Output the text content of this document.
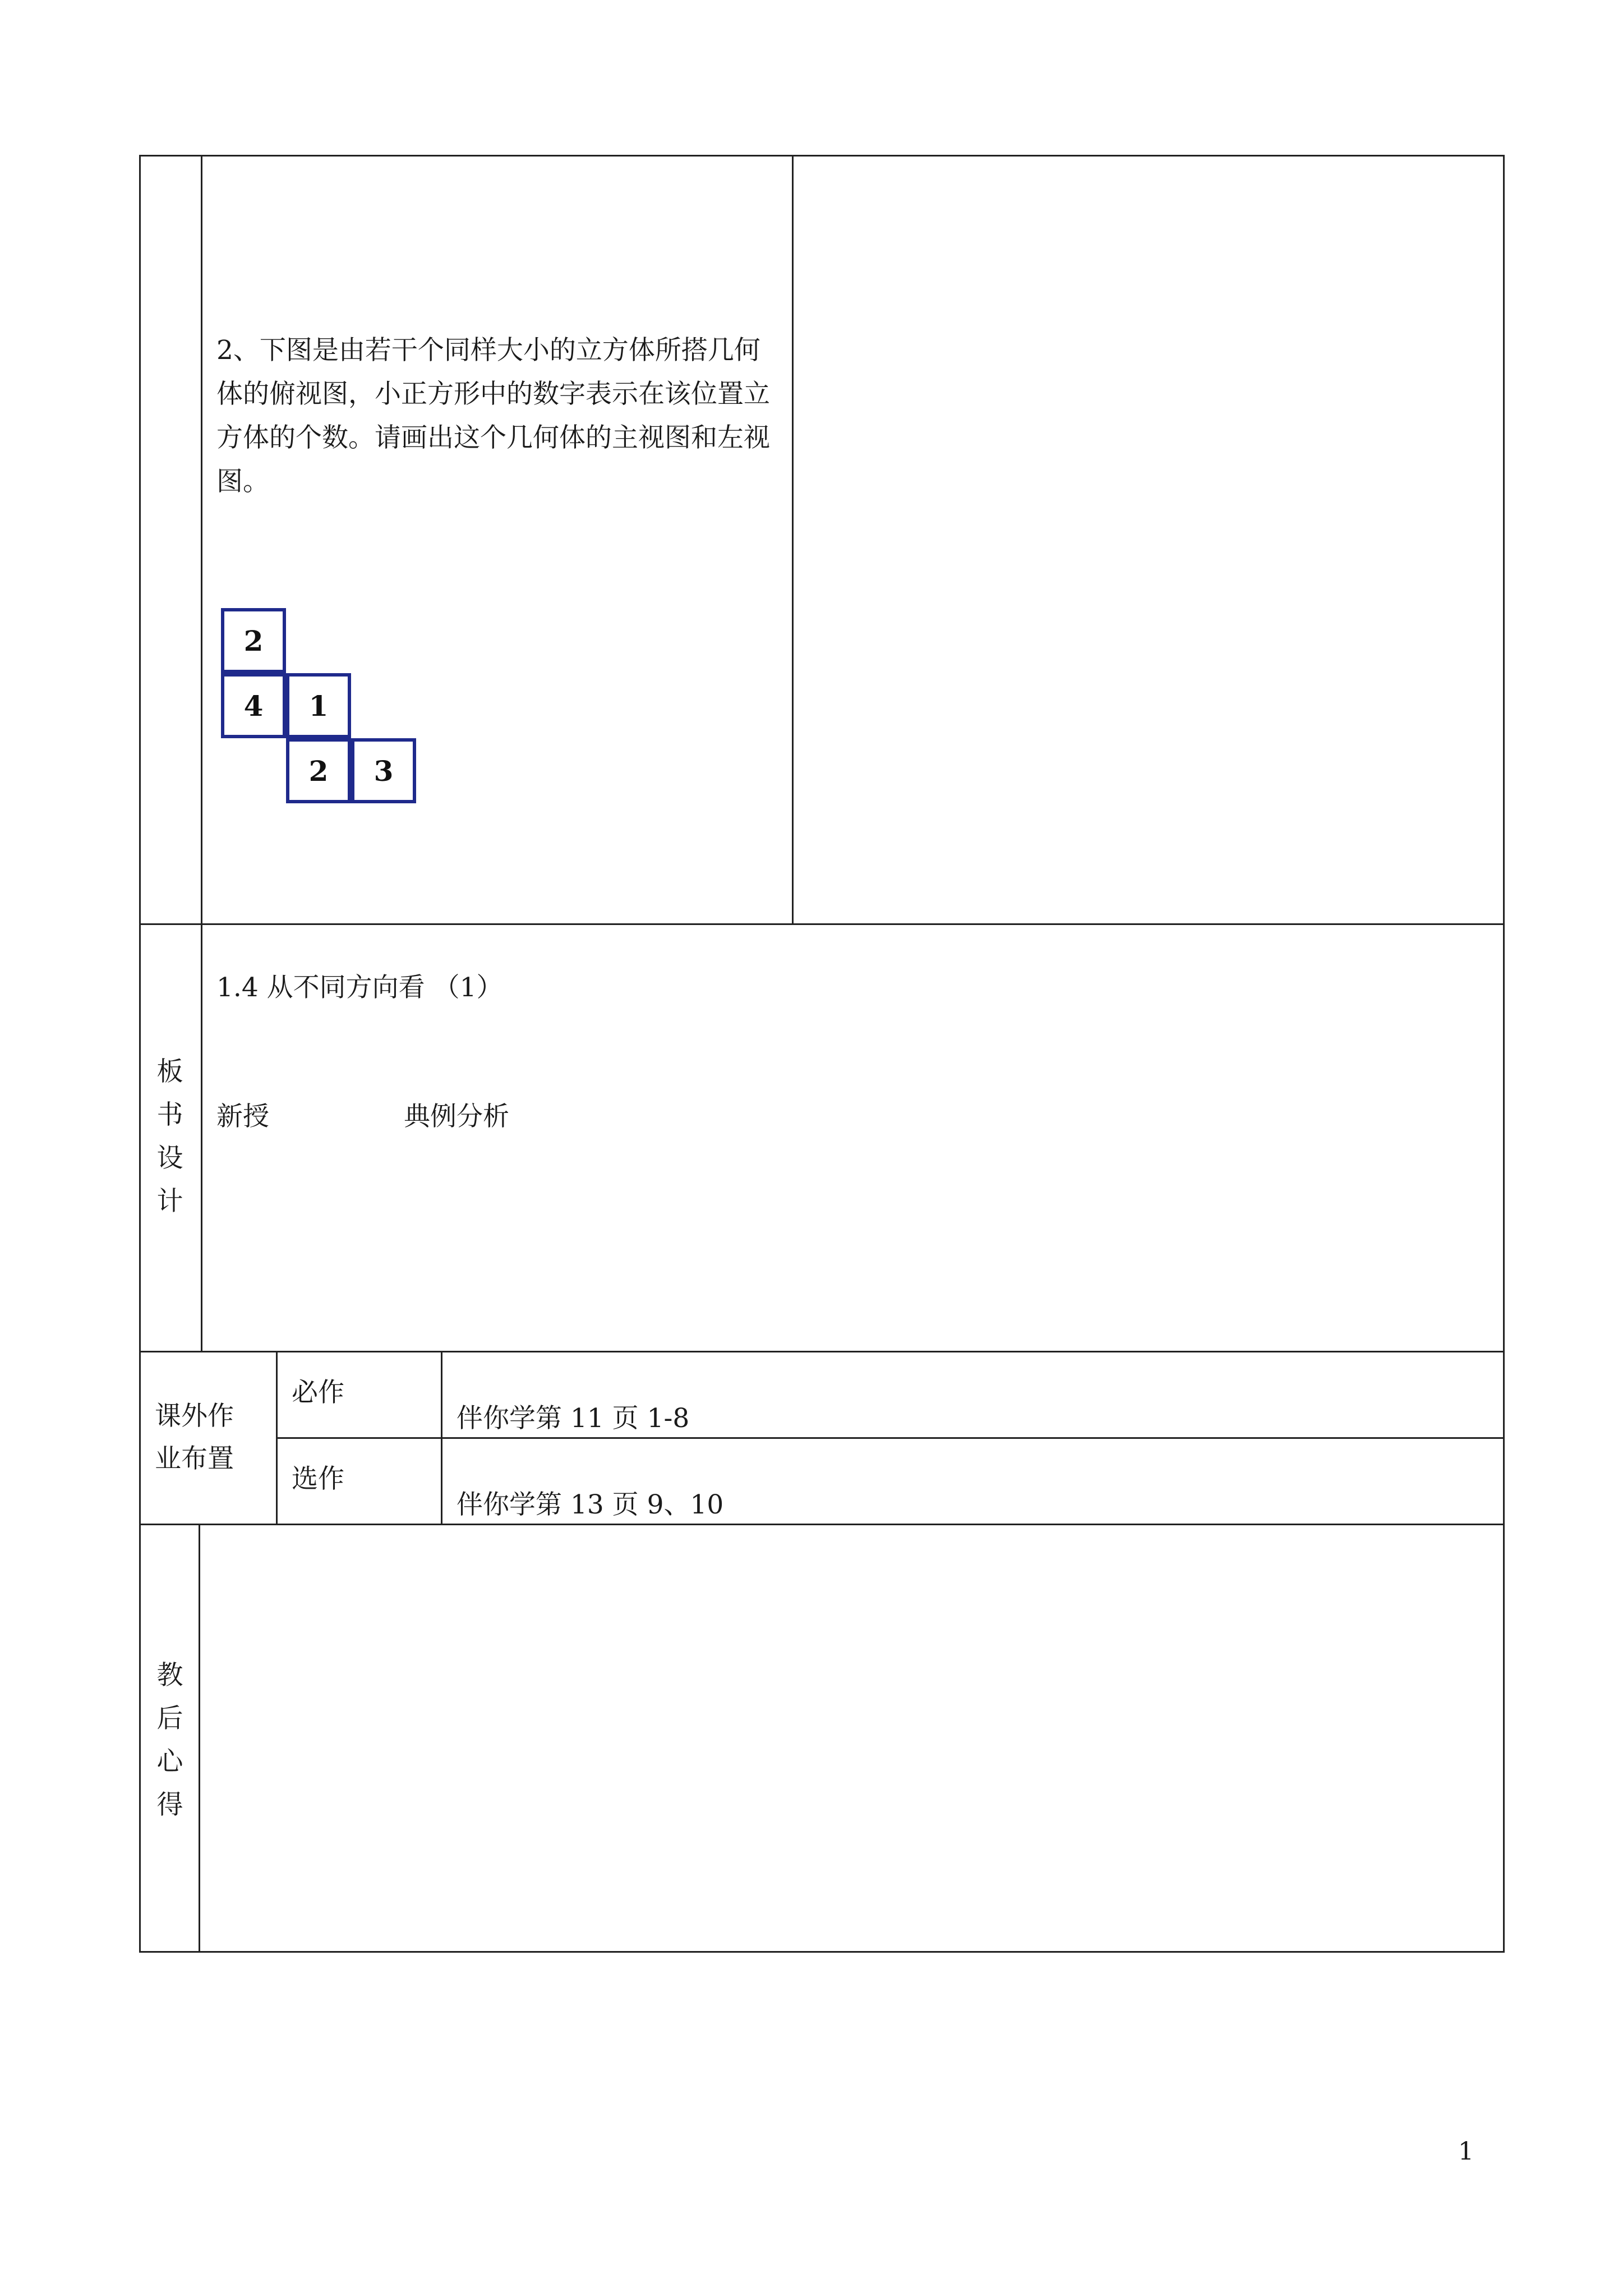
2、下图是由若干个同样大小的立方体所搭几何体的俯视图，小正方形中的数字表示在该位置立方体的个数。请画出这个几何体的主视图和左视图。
2
4	1
2	3
板
书
设
计
1.4 从不同方向看 （1）
新授	典例分析
课外作
业布置
必作
伴你学第 11 页 1-8
选作
伴你学第 13 页 9、10
教
后
心
得
1
